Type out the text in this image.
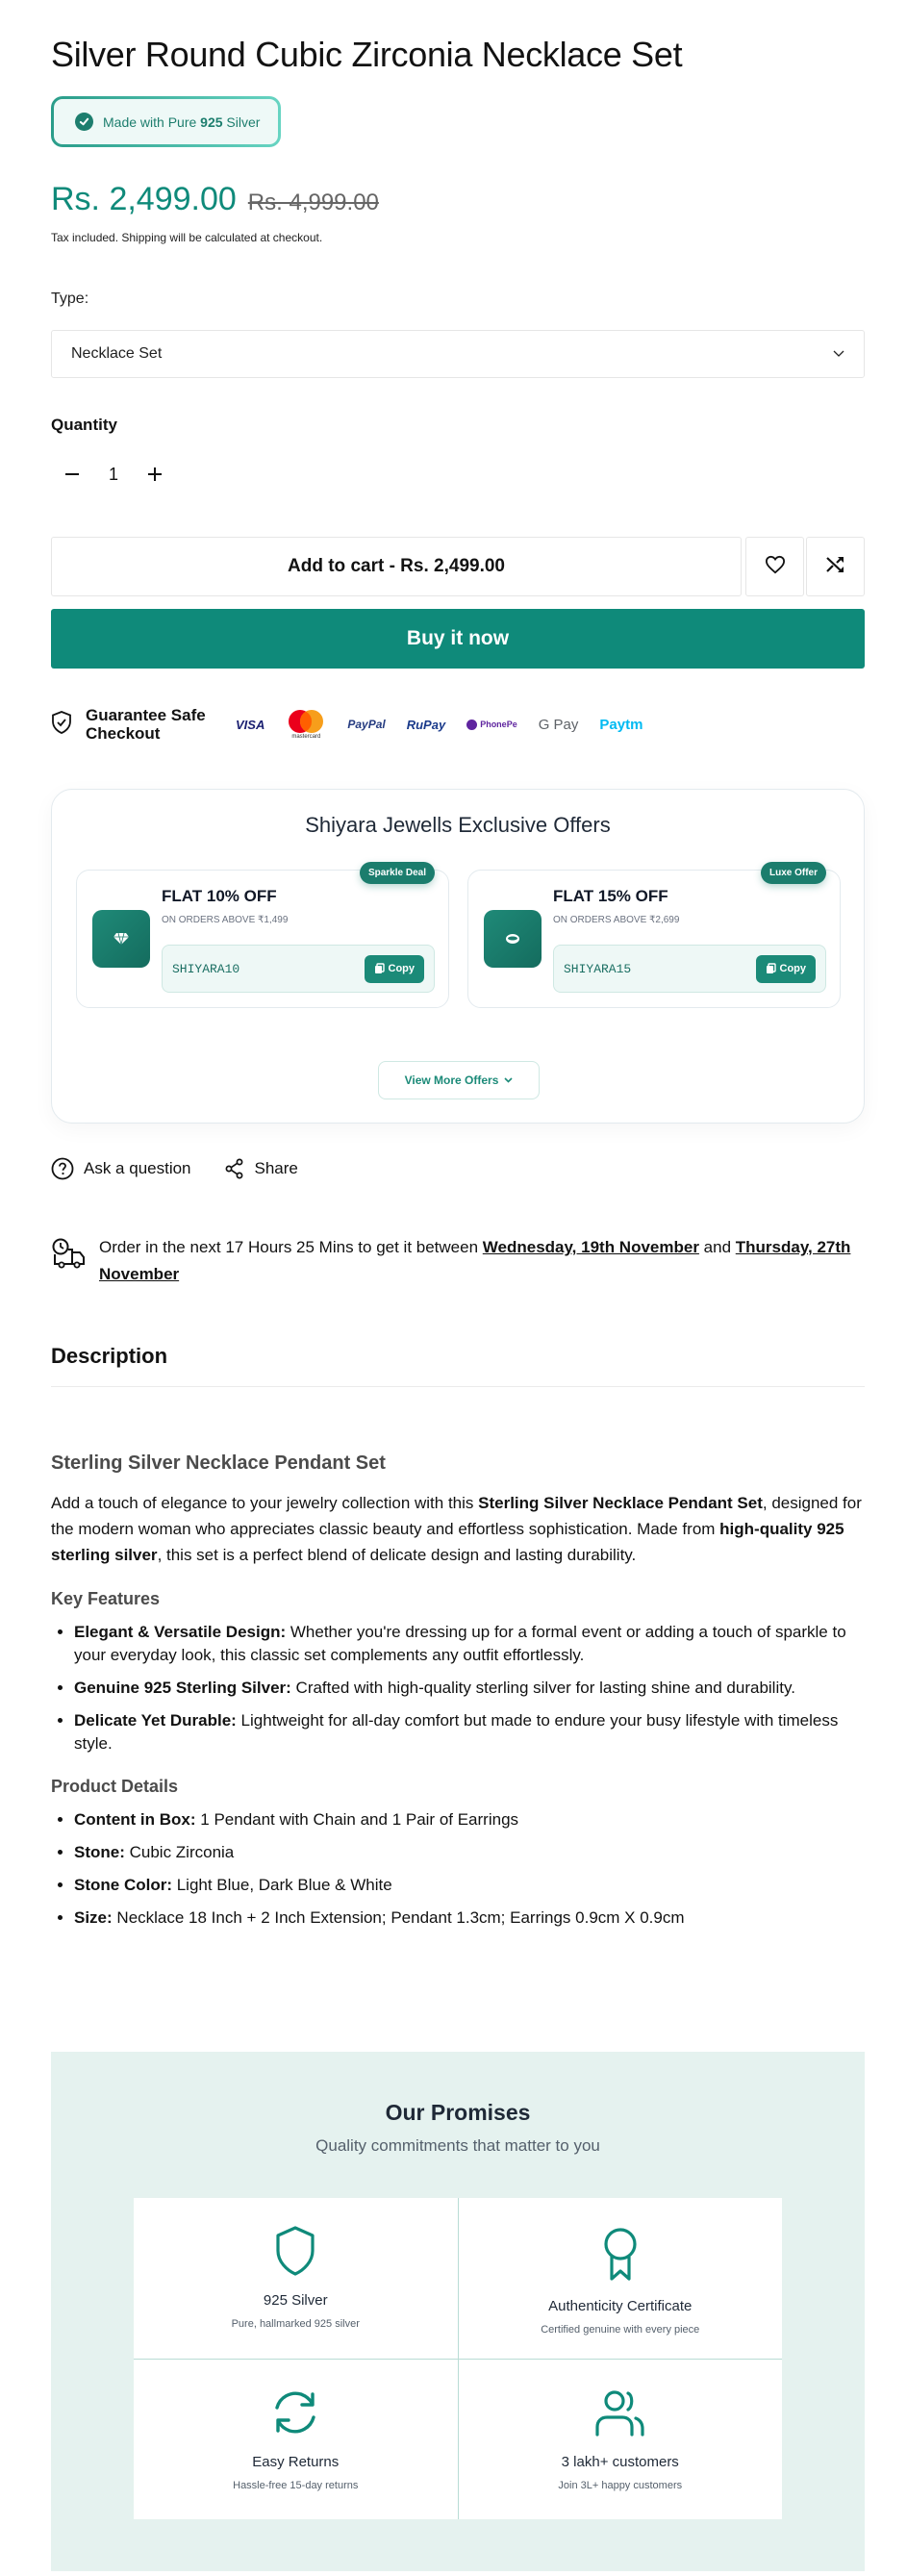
Silver Round Cubic Zirconia Necklace Set
Made with Pure 925 Silver
Rs. 2,499.00 Rs. 4,999.00
Tax included. Shipping will be calculated at checkout.
Type:
Necklace Set
Quantity
1
Add to cart - Rs. 2,499.00
Buy it now
Guarantee Safe Checkout	VISA
mastercard
PayPal RuPay	PhonePe G Pay Paytm
Shiyara Jewells Exclusive Offers
Sparkle Deal
FLAT 10% OFF
ON ORDERS ABOVE ₹1,499
SHIYARA10	Copy
Luxe Offer
FLAT 15% OFF
ON ORDERS ABOVE ₹2,699
SHIYARA15	Copy
View More Offers
Ask a question	Share

Order in the next 17 Hours 25 Mins to get it between Wednesday, 19th November and Thursday, 27th November

Description
Sterling Silver Necklace Pendant Set

Add a touch of elegance to your jewelry collection with this Sterling Silver Necklace Pendant Set, designed for the modern woman who appreciates classic beauty and effortless sophistication. Made from high-quality 925 sterling silver, this set is a perfect blend of delicate design and lasting durability.

Key Features
• Elegant & Versatile Design: Whether you're dressing up for a formal event or adding a touch of sparkle to your everyday look, this classic set complements any outfit effortlessly.
• Genuine 925 Sterling Silver: Crafted with high-quality sterling silver for lasting shine and durability.
• Delicate Yet Durable: Lightweight for all-day comfort but made to endure your busy lifestyle with timeless style.
Product Details
• Content in Box: 1 Pendant with Chain and 1 Pair of Earrings
• Stone: Cubic Zirconia
• Stone Color: Light Blue, Dark Blue & White
• Size: Necklace 18 Inch + 2 Inch Extension; Pendant 1.3cm; Earrings 0.9cm X 0.9cm
Our Promises
Quality commitments that matter to you
925 Silver
Pure, hallmarked 925 silver
Authenticity Certificate
Certified genuine with every piece
Easy Returns
Hassle-free 15-day returns
3 lakh+ customers
Join 3L+ happy customers
